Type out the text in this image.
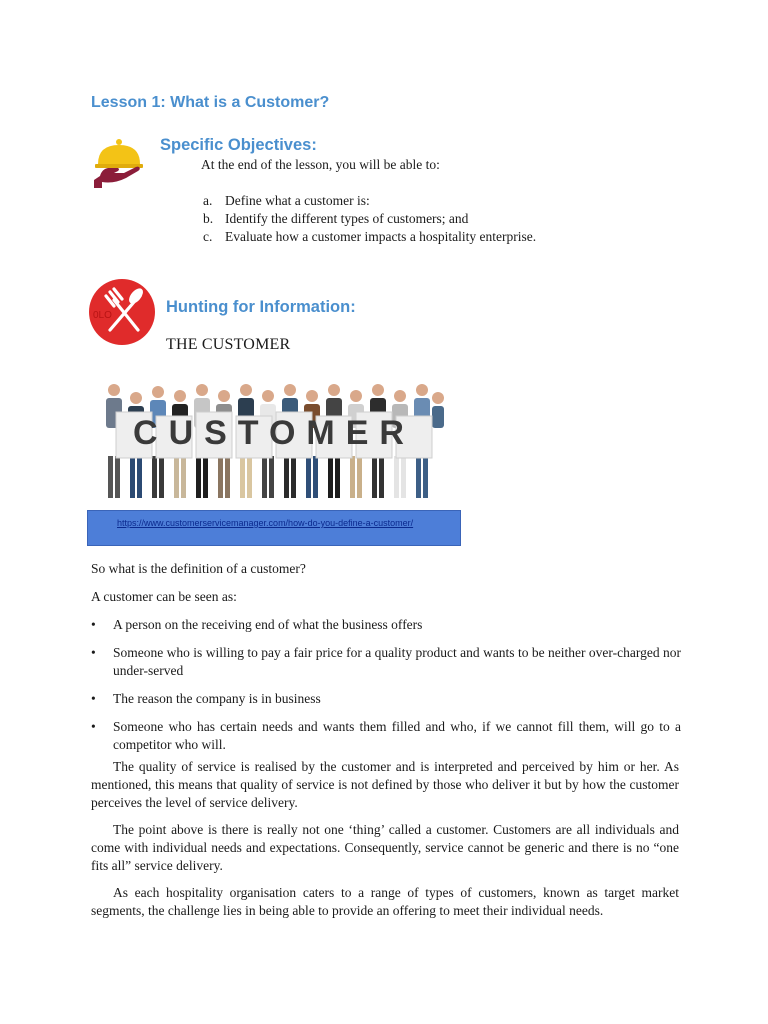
Lesson 1: What is a Customer?
Specific Objectives:
At the end of the lesson, you will be able to:
a. Define what a customer is:
b. Identify the different types of customers; and
c. Evaluate how a customer impacts a hospitality enterprise.
0LO	Hunting for Information:
THE CUSTOMER
CUSTOMER
https://www.customerservicemanager.com/how-do-you-define-a-customer/
So what is the definition of a customer?
A customer can be seen as:
•	A person on the receiving end of what the business offers
•	Someone who is willing to pay a fair price for a quality product and wants to be neither over-charged nor under-served
•	The reason the company is in business
•	Someone who has certain needs and wants them filled and who, if we cannot fill them, will go to a competitor who will.
The quality of service is realised by the customer and is interpreted and perceived by him or her. As mentioned, this means that quality of service is not defined by those who deliver it but by how the customer perceives the level of service delivery.
The point above is there is really not one ‘thing’ called a customer. Customers are all individuals and come with individual needs and expectations. Consequently, service cannot be generic and there is no “one fits all” service delivery.
As each hospitality organisation caters to a range of types of customers, known as target market segments, the challenge lies in being able to provide an offering to meet their individual needs.
